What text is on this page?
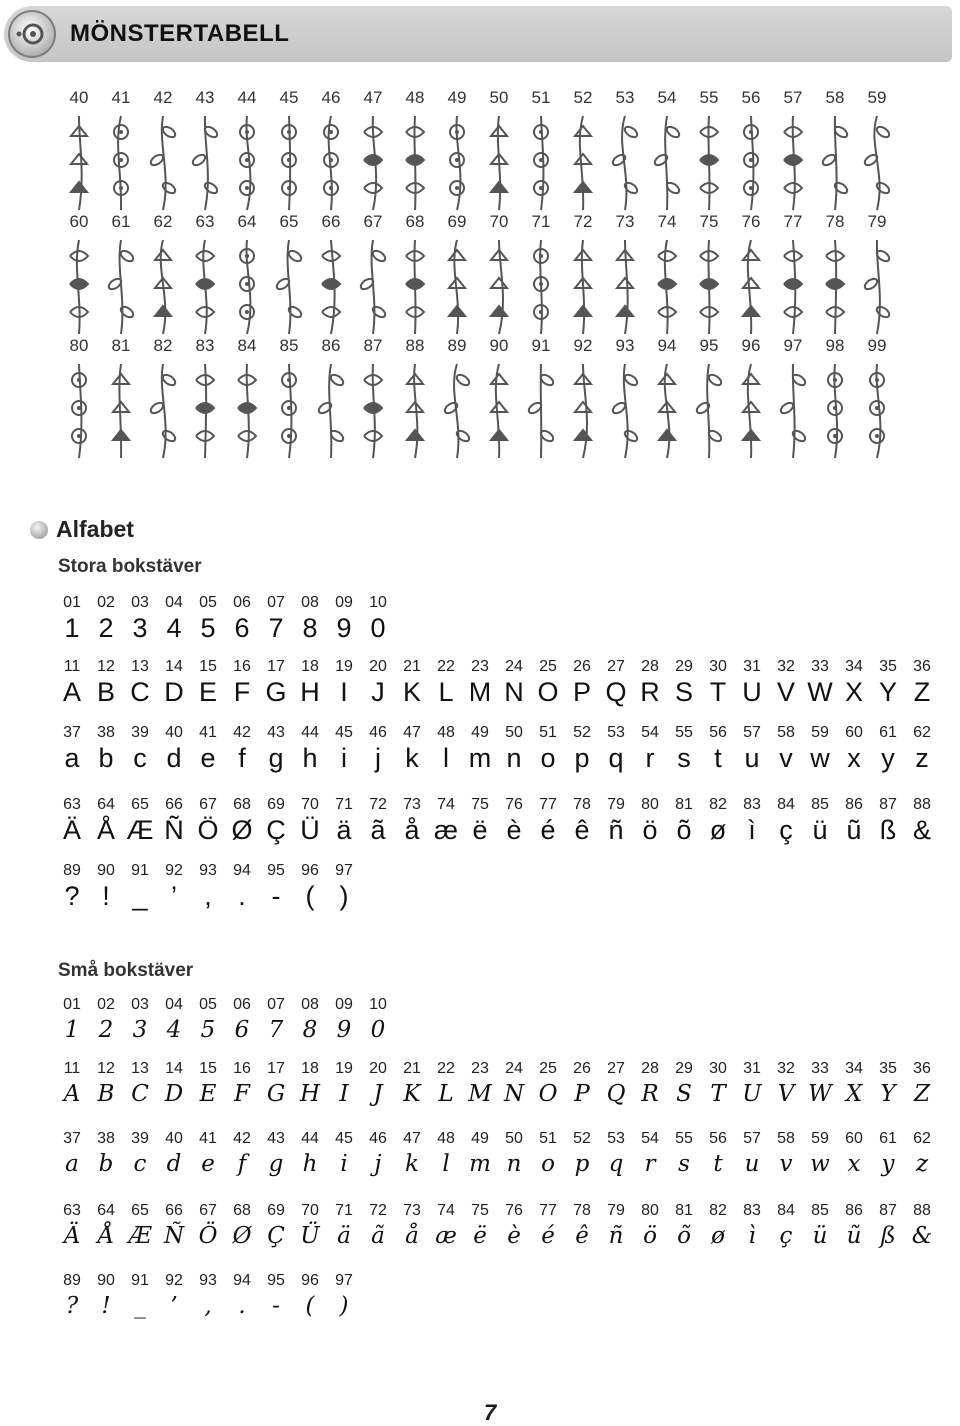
MÖNSTERTABELL
40	41	42	43	44	45	46	47	48	49	50	51	52	53	54	55	56	57	58	59
60	61	62	63	64	65	66	67	68	69	70	71	72	73	74	75	76	77	78	79
80	81	82	83	84	85	86	87	88	89	90	91	92	93	94	95	96	97	98	99
Alfabet
Stora bokstäver
01	02	03	04	05	06	07	08	09	10
1 2 3 4 5 6 7 8 9 0
11	12	13	14	15	16	17	18	19	20	21	22	23	24	25	26	27	28	29	30	31	32	33	34	35	36
A B C D E F G H I J K L M N O P Q R S T U V W X Y Z
37	38	39	40	41	42	43	44	45	46	47	48	49	50	51	52	53	54	55	56	57	58	59	60	61	62
a b c d e f g h i	j k l m n o p q r s t u v w x y z
63	64	65	66	67	68	69	70	71	72	73	74	75	76	77	78	79	80	81	82	83	84	85	86	87	88
Ä Å Æ Ñ Ö Ø Ç Ü ä ã å æ ë è é ê ñ ö õ ø ì ç ü ũ ß &
89	90	91	92	93	94	95	96	97
? ! _ ’	, . - ( )
Små bokstäver
01	02	03	04	05	06	07	08	09	10
1 2 3 4 5 6 7 8 9 0
11	12	13	14	15	16	17	18	19	20	21	22	23	24	25	26	27	28	29	30	31	32	33	34	35	36
A B C D E F G H I	J K L M N O P Q R S T U V W X Y Z
37	38	39	40	41	42	43	44	45	46	47	48	49	50	51	52	53	54	55	56	57	58	59	60	61	62
a b c d e f g h i	j	k	l m n o p q r s	t u v w x y z
63	64	65	66	67	68	69	70	71	72	73	74	75	76	77	78	79	80	81	82	83	84	85	86	87	88
Ä Å Æ Ñ Ö Ø Ç Ü ä ã å æ ë è é ê ñ ö õ ø	ì	ç ü ũ ß &
89	90	91	92	93	94	95	96	97
?	!	_	’	,	.	-	(	)
7
